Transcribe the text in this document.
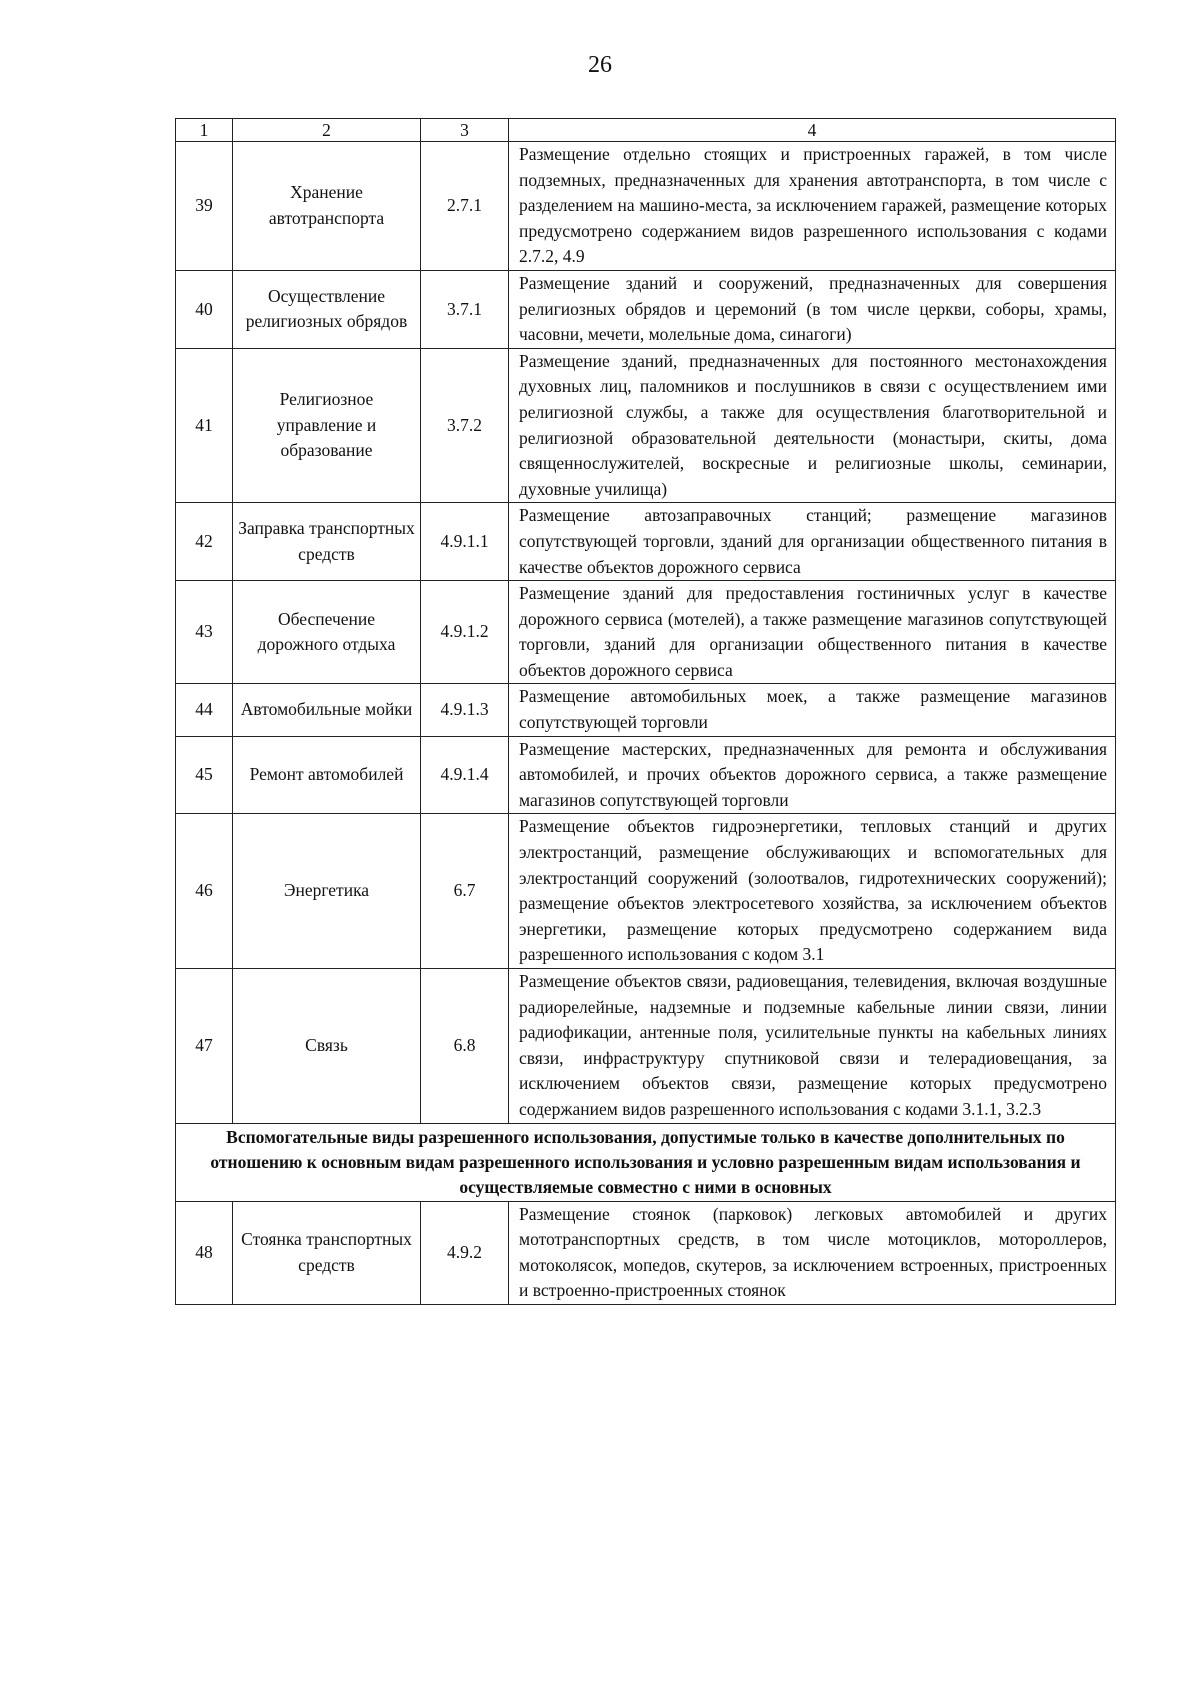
26
1	2	3	4
39	Хранение автотранспорта	2.7.1	Размещение отдельно стоящих и пристроенных гаражей, в том числе подземных, предназначенных для хранения автотранспорта, в том числе с разделением на машино-места, за исключением гаражей, размещение которых предусмотрено содержанием видов разрешенного использования с кодами 2.7.2, 4.9
40	Осуществление религиозных обрядов	3.7.1	Размещение зданий и сооружений, предназначенных для совершения религиозных обрядов и церемоний (в том числе церкви, соборы, храмы, часовни, мечети, молельные дома, синагоги)
41	Религиозное управление и образование	3.7.2	Размещение зданий, предназначенных для постоянного местонахождения духовных лиц, паломников и послушников в связи с осуществлением ими религиозной службы, а также для осуществления благотворительной и религиозной образовательной деятельности (монастыри, скиты, дома священнослужителей, воскресные и религиозные школы, семинарии, духовные училища)
42	Заправка транспортных средств	4.9.1.1	Размещение автозаправочных станций; размещение магазинов сопутствующей торговли, зданий для организации общественного питания в качестве объектов дорожного сервиса
43	Обеспечение дорожного отдыха	4.9.1.2	Размещение зданий для предоставления гостиничных услуг в качестве дорожного сервиса (мотелей), а также размещение магазинов сопутствующей торговли, зданий для организации общественного питания в качестве объектов дорожного сервиса
44	Автомобильные мойки	4.9.1.3	Размещение автомобильных моек, а также размещение магазинов сопутствующей торговли
45	Ремонт автомобилей	4.9.1.4	Размещение мастерских, предназначенных для ремонта и обслуживания автомобилей, и прочих объектов дорожного сервиса, а также размещение магазинов сопутствующей торговли
46	Энергетика	6.7	Размещение объектов гидроэнергетики, тепловых станций и других электростанций, размещение обслуживающих и вспомогательных для электростанций сооружений (золоотвалов, гидротехнических сооружений); размещение объектов электросетевого хозяйства, за исключением объектов энергетики, размещение которых предусмотрено содержанием вида разрешенного использования с кодом 3.1
47	Связь	6.8	Размещение объектов связи, радиовещания, телевидения, включая воздушные радиорелейные, надземные и подземные кабельные линии связи, линии радиофикации, антенные поля, усилительные пункты на кабельных линиях связи, инфраструктуру спутниковой связи и телерадиовещания, за исключением объектов связи, размещение которых предусмотрено содержанием видов разрешенного использования с кодами 3.1.1, 3.2.3
Вспомогательные виды разрешенного использования, допустимые только в качестве дополнительных по отношению к основным видам разрешенного использования и условно разрешенным видам использования и осуществляемые совместно с ними в основных			
48	Стоянка транспортных средств	4.9.2	Размещение стоянок (парковок) легковых автомобилей и других мототранспортных средств, в том числе мотоциклов, мотороллеров, мотоколясок, мопедов, скутеров, за исключением встроенных, пристроенных и встроенно-пристроенных стоянок
